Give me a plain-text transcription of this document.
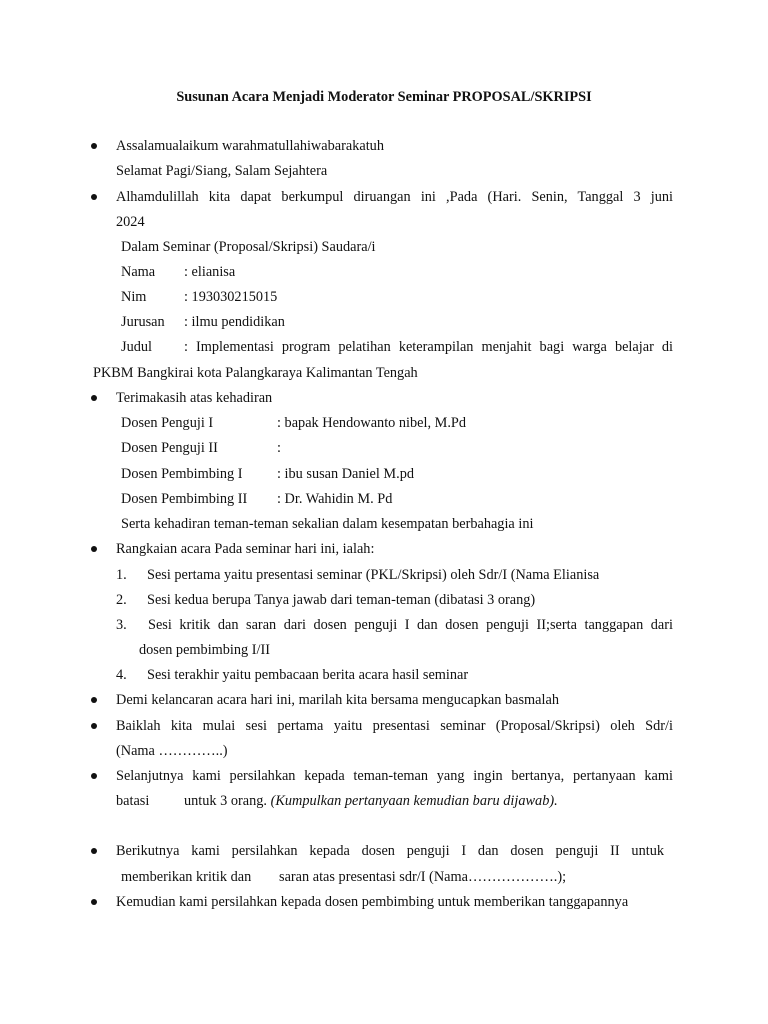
Susunan Acara Menjadi Moderator Seminar PROPOSAL/SKRIPSI
Assalamualaikum warahmatullahiwabarakatuh
Selamat Pagi/Siang, Salam Sejahtera
Alhamdulillah kita dapat berkumpul diruangan ini ,Pada (Hari. Senin, Tanggal 3 juni
2024
Dalam Seminar (Proposal/Skripsi) Saudara/i
Nama : elianisa
Nim	: 193030215015
Jurusan : ilmu pendidikan
Judul : Implementasi program pelatihan keterampilan menjahit bagi warga belajar di
PKBM Bangkirai kota Palangkaraya Kalimantan Tengah
Terimakasih atas kehadiran
Dosen Penguji I	: bapak Hendowanto nibel, M.Pd
Dosen Penguji II	:
Dosen Pembimbing I : ibu susan Daniel M.pd
Dosen Pembimbing II : Dr. Wahidin M. Pd
Serta kehadiran teman-teman sekalian dalam kesempatan berbahagia ini
Rangkaian acara Pada seminar hari ini, ialah:
1. Sesi pertama yaitu presentasi seminar (PKL/Skripsi) oleh Sdr/I (Nama Elianisa
2. Sesi kedua berupa Tanya jawab dari teman-teman (dibatasi 3 orang)
3. Sesi kritik dan saran dari dosen penguji I dan dosen penguji II;serta tanggapan dari
dosen pembimbing I/II
4. Sesi terakhir yaitu pembacaan berita acara hasil seminar
Demi kelancaran acara hari ini, marilah kita bersama mengucapkan basmalah
Baiklah kita mulai sesi pertama yaitu presentasi seminar (Proposal/Skripsi) oleh Sdr/i
(Nama …………..)
Selanjutnya kami persilahkan kepada teman-teman yang ingin bertanya, pertanyaan kami
batasi untuk 3 orang. (Kumpulkan pertanyaan kemudian baru dijawab).
Berikutnya kami persilahkan kepada dosen penguji I dan dosen penguji II untuk
memberikan kritik dan saran atas presentasi sdr/I (Nama……………….);
Kemudian kami persilahkan kepada dosen pembimbing untuk memberikan tanggapannya
